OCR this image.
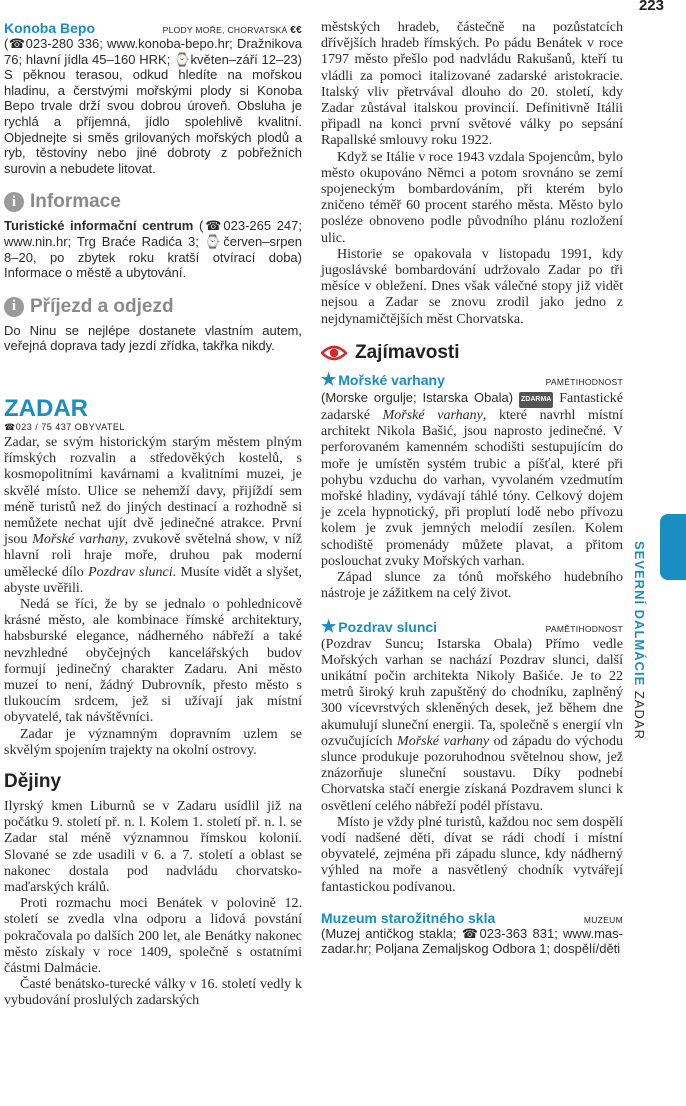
223
Konoba Bepo	PLODY MOŘE, CHORVATSKÁ €€

(☎023-280 336; www.konoba-bepo.hr; Dražnikova 76; hlavní jídla 45–160 HRK; ⌚květen–září 12–23) S pěknou terasou, odkud hledíte na mořskou hladinu, a čerstvými mořskými plody si Konoba Bepo trvale drží svou dobrou úroveň. Obsluha je rychlá a příjemná, jídlo spolehlivě kvalitní. Objednejte si směs grilovaných mořských plodů a ryb, těstoviny nebo jiné dobroty z pobřežních surovin a nebudete litovat.

i Informace

Turistické informační centrum (☎023-265 247; www.nin.hr; Trg Braće Radića 3; ⌚červen–srpen 8–20, po zbytek roku kratší otvírací doba) Informace o městě a ubytování.

i Příjezd a odjezd

Do Ninu se nejlépe dostanete vlastním autem, veřejná doprava tady jezdí zřídka, takřka nikdy.

ZADAR
☎023 / 75 437 OBYVATEL

Zadar, se svým historickým starým městem plným římských rozvalin a středověkých kostelů, s kosmopolitními kavárnami a kvalitními muzei, je skvělé místo. Ulice se nehemží davy, přijíždí sem méně turistů než do jiných destinací a rozhodně si nemůžete nechat ujít dvě jedinečné atrakce. První jsou Mořské varhany, zvukově světelná show, v níž hlavní roli hraje moře, druhou pak moderní umělecké dílo Pozdrav slunci. Musíte vidět a slyšet, abyste uvěřili.

Nedá se říci, že by se jednalo o pohlednicově krásné město, ale kombinace římské architektury, habsburské elegance, nádherného nábřeží a také nevzhledné obyčejných kancelářských budov formují jedinečný charakter Zadaru. Ani město muzeí to není, žádný Dubrovník, přesto město s tlukoucím srdcem, jež si užívají jak místní obyvatelé, tak návštěvníci.

Zadar je významným dopravním uzlem se skvělým spojením trajekty na okolní ostrovy.

Dějiny

Ilyrský kmen Liburnů se v Zadaru usídlil již na počátku 9. století př. n. l. Kolem 1. století př. n. l. se Zadar stal méně významnou římskou kolonií. Slované se zde usadili v 6. a 7. století a oblast se nakonec dostala pod nadvládu chorvatsko-maďarských králů.

Proti rozmachu moci Benátek v polovině 12. století se zvedla vlna odporu a lidová povstání pokračovala po dalších 200 let, ale Benátky nakonec město získaly v roce 1409, společně s ostatními částmi Dalmácie.

Časté benátsko-turecké války v 16. století vedly k vybudování proslulých zadarských

městských hradeb, částečně na pozůstatcích dřívějších hradeb římských. Po pádu Benátek v roce 1797 město přešlo pod nadvládu Rakušanů, kteří tu vládli za pomoci italizované zadarské aristokracie. Italský vliv přetrvával dlouho do 20. století, kdy Zadar zůstával italskou provincií. Definitivně Itálii připadl na konci první světové války po sepsání Rapallské smlouvy roku 1922.

Když se Itálie v roce 1943 vzdala Spojencům, bylo město okupováno Němci a potom srovnáno se zemí spojeneckým bombardováním, při kterém bylo zničeno téměř 60 procent starého města. Město bylo posléze obnoveno podle původního plánu rozložení ulic.

Historie se opakovala v listopadu 1991, kdy jugoslávské bombardování udržovalo Zadar po tři měsíce v obležení. Dnes však válečné stopy již vidět nejsou a Zadar se znovu zrodil jako jedno z nejdynamičtějších měst Chorvatska.

Zajímavosti
★ Mořské varhany	PAMĚTIHODNOST

(Morske orgulje; Istarska Obala) ZDARMA Fantastické zadarské Mořské varhany, které navrhl místní architekt Nikola Bašić, jsou naprosto jedinečné. V perforovaném kamenném schodišti sestupujícím do moře je umístěn systém trubic a píšťal, které při pohybu vzduchu do varhan, vyvolaném vzedmutím mořské hladiny, vydávají táhlé tóny. Celkový dojem je zcela hypnotický, při proplutí lodě nebo přívozu kolem je zvuk jemných melodií zesílen. Kolem schodiště promenády můžete plavat, a přitom poslouchat zvuky Mořských varhan.

Západ slunce za tónů mořského hudebního nástroje je zážitkem na celý život.

★ Pozdrav slunci	PAMĚTIHODNOST

(Pozdrav Suncu; Istarska Obala) Přímo vedle Mořských varhan se nachází Pozdrav slunci, další unikátní počin architekta Nikoly Bašiće. Je to 22 metrů široký kruh zapuštěný do chodníku, zaplněný 300 vícevrstvých skleněných desek, jež během dne akumulují sluneční energii. Ta, společně s energií vln ozvučujících Mořské varhany od západu do východu slunce produkuje pozoruhodnou světelnou show, jež znázorňuje sluneční soustavu. Díky podnebí Chorvatska stačí energie získaná Pozdravem slunci k osvětlení celého nábřeží podél přístavu.

Místo je vždy plné turistů, každou noc sem dospělí vodí nadšené děti, dívat se rádi chodí i místní obyvatelé, zejména při západu slunce, kdy nádherný výhled na moře a nasvětlený chodník vytvářejí fantastickou podívanou.

Muzeum starožitného skla	MUZEUM

(Muzej antičkog stakla; ☎023-363 831; www.mas-zadar.hr; Poljana Zemaljskog Odbora 1; dospělí/děti

SEVERNÍ DALMÁCIE ZADAR
